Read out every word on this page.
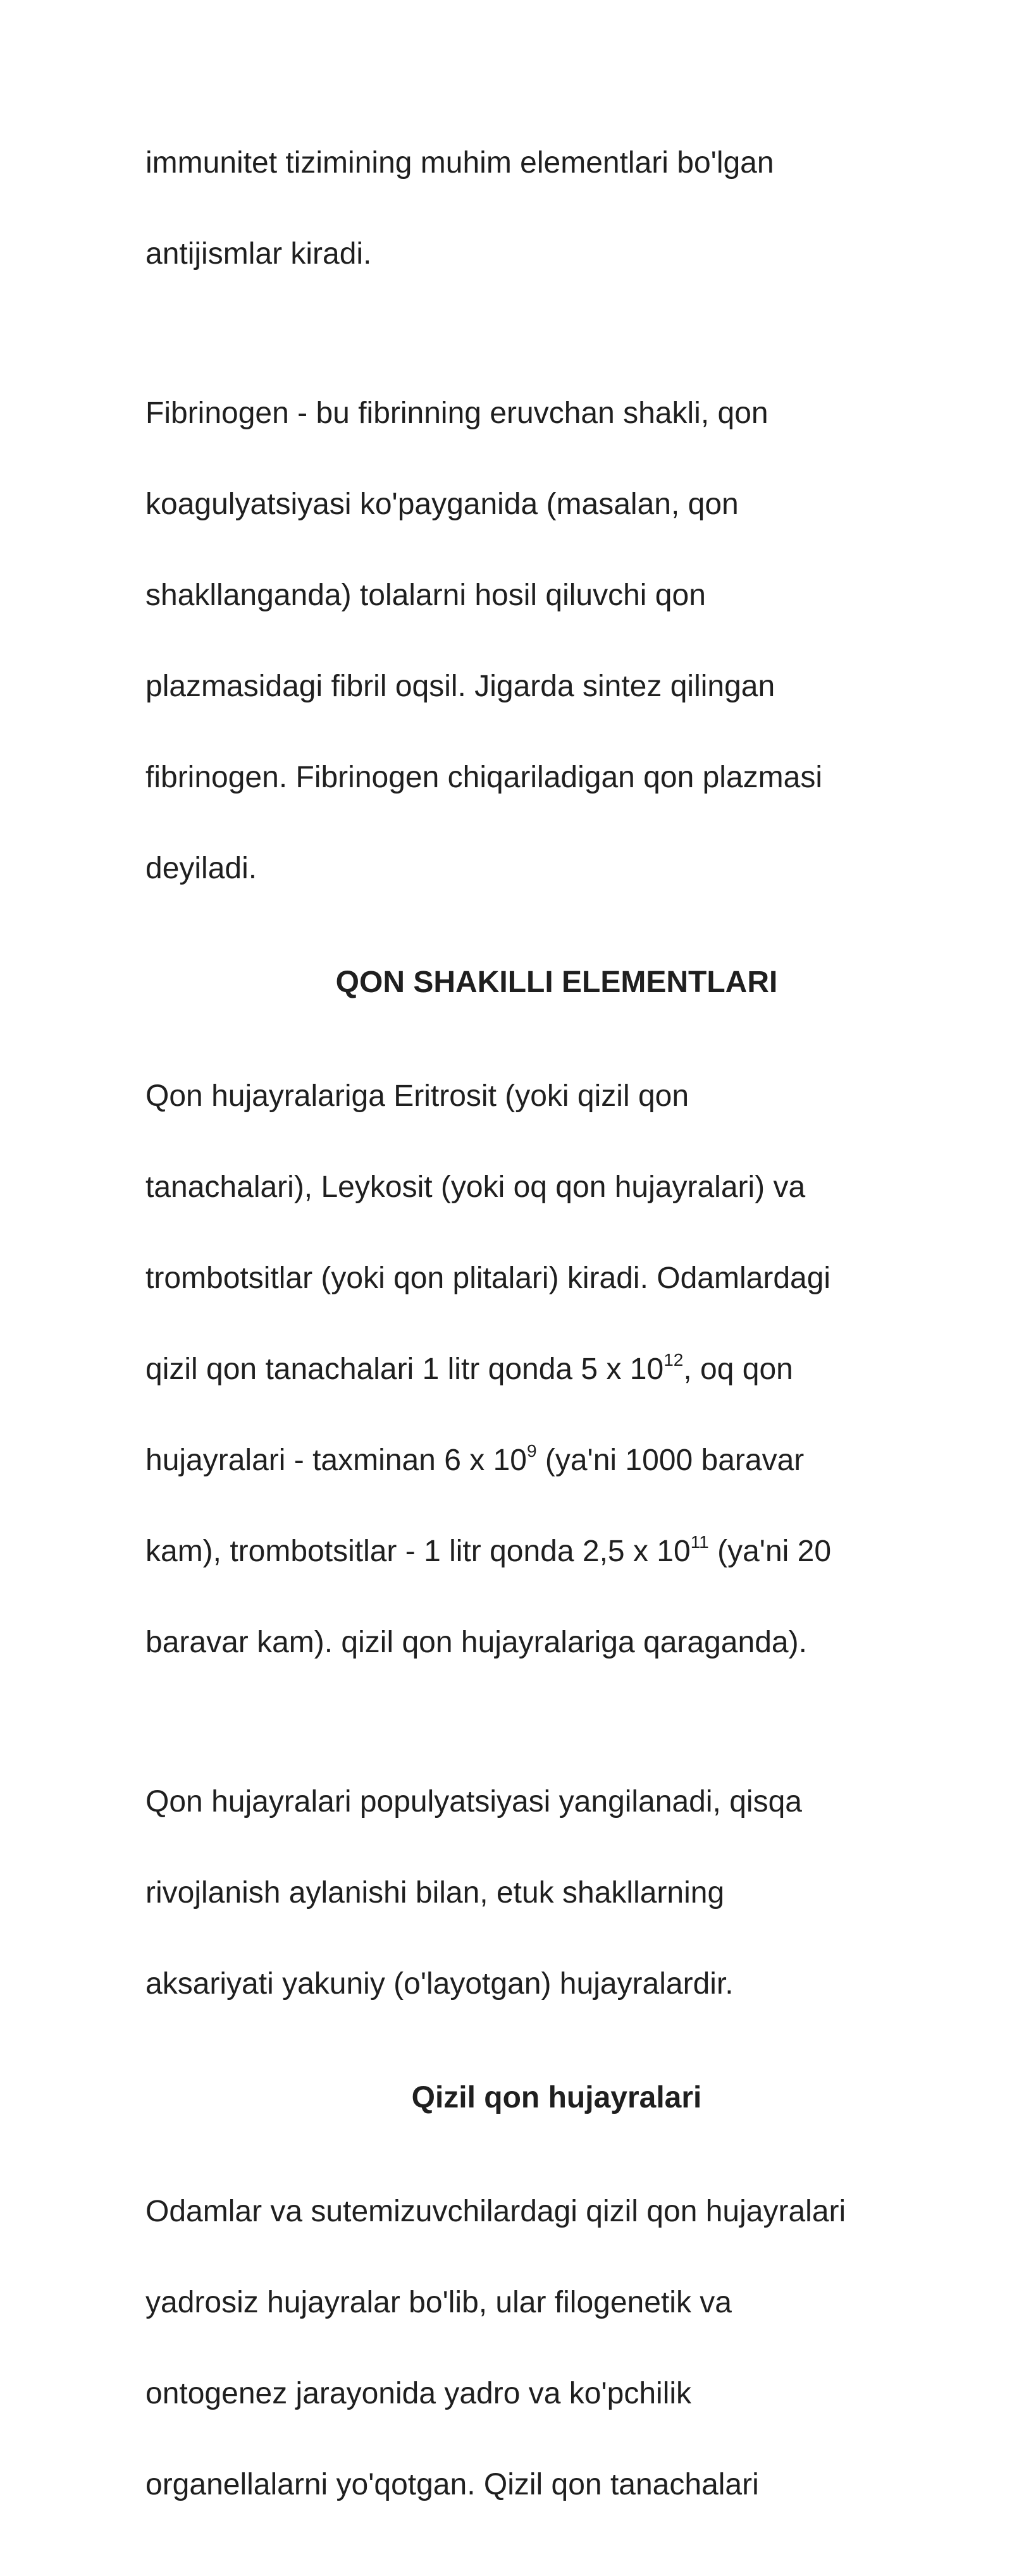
immunitet tizimining muhim elementlari bo'lgan

antijismlar kiradi.

Fibrinogen - bu fibrinning eruvchan shakli, qon

koagulyatsiyasi ko'payganida (masalan, qon

shakllanganda) tolalarni hosil qiluvchi qon

plazmasidagi fibril oqsil. Jigarda sintez qilingan

fibrinogen. Fibrinogen chiqariladigan qon plazmasi

deyiladi.

QON SHAKILLI ELEMENTLARI

Qon hujayralariga Eritrosit (yoki qizil qon

tanachalari), Leykosit (yoki oq qon hujayralari) va

trombotsitlar (yoki qon plitalari) kiradi. Odamlardagi

qizil qon tanachalari 1 litr qonda 5 x $10^{12}$, oq qon

hujayralari - taxminan 6 x $10^9$ (ya'ni 1000 baravar

kam), trombotsitlar - 1 litr qonda 2,5 x $10^{11}$ (ya'ni 20

baravar kam). qizil qon hujayralariga qaraganda).

Qon hujayralari populyatsiyasi yangilanadi, qisqa

rivojlanish aylanishi bilan, etuk shakllarning

aksariyati yakuniy (o'layotgan) hujayralardir.

Qizil qon hujayralari

Odamlar va sutemizuvchilardagi qizil qon hujayralari

yadrosiz hujayralar bo'lib, ular filogenetik va

ontogenez jarayonida yadro va ko'pchilik

organellalarni yo'qotgan. Qizil qon tanachalari
